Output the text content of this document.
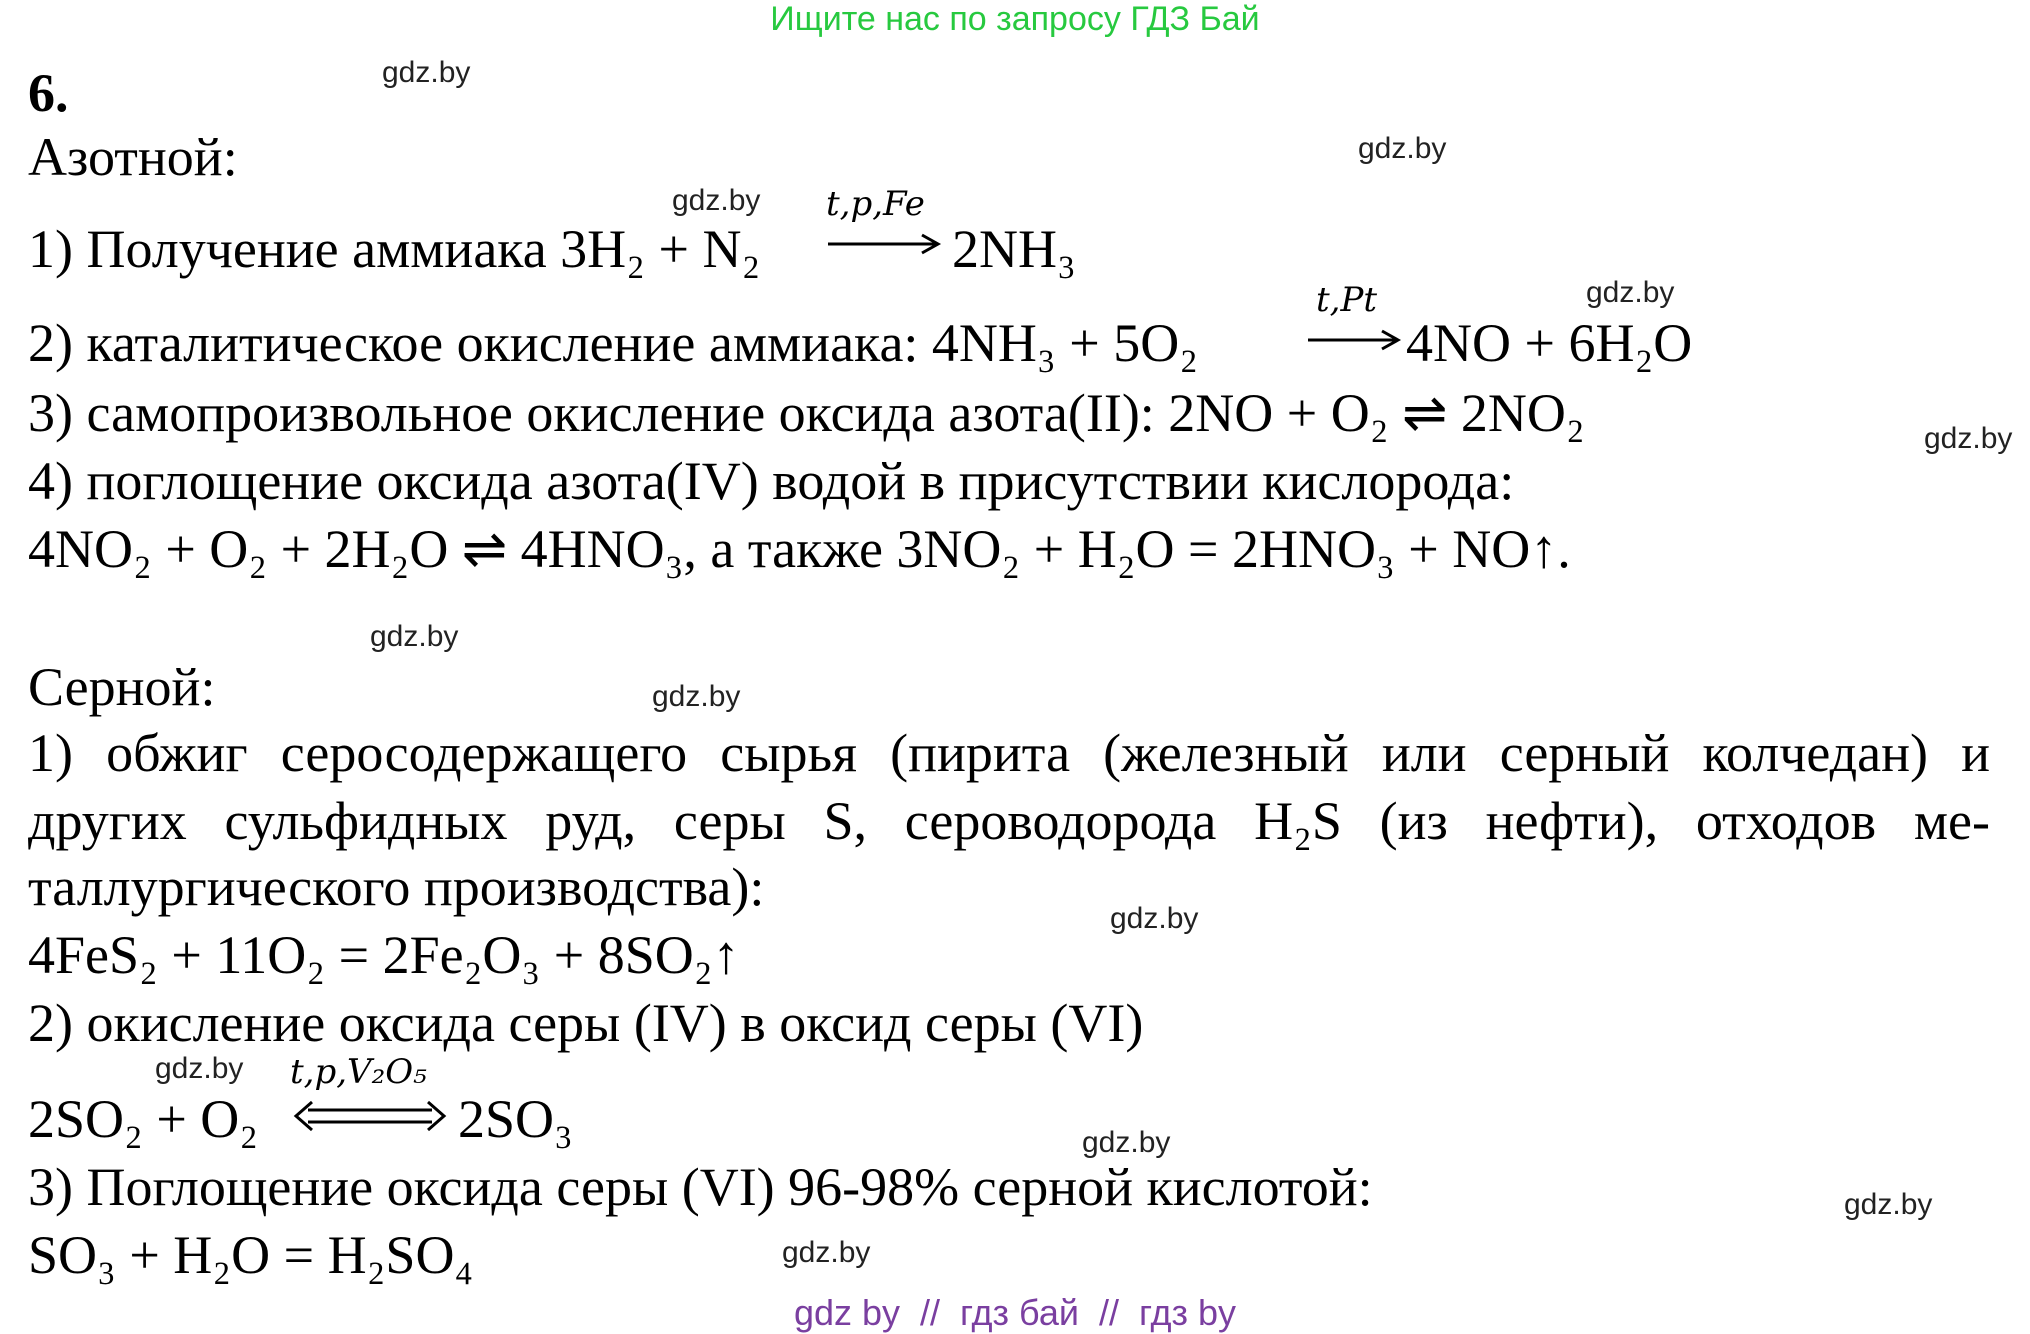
Ищите нас по запросу ГДЗ Бай
gdz.by
gdz.by
gdz.by
gdz.by
gdz.by
gdz.by
gdz.by
gdz.by
gdz.by
gdz.by
gdz.by
gdz.by
6.
Азотной:
1) Получение аммиака 3H₂ + N₂
t,p,Fe
2NH₃
2) каталитическое окисление аммиака: 4NH₃ + 5O₂
t,Pt
4NO + 6H₂O
3) самопроизвольное окисление оксида азота(II): 2NO + O₂ ⇌ 2NO₂
4) поглощение оксида азота(IV) водой в присутствии кислорода:
4NO₂ + O₂ + 2H₂O ⇌ 4HNO₃, а также 3NO₂ + H₂O = 2HNO₃ + NO↑.
Серной:
1) обжиг серосодержащего сырья (пирита (железный или серный колчедан) и
других сульфидных руд, серы S, сероводорода H₂S (из нефти), отходов ме-
таллургического производства):
4FeS₂ + 11O₂ = 2Fe₂O₃ + 8SO₂↑
2) окисление оксида серы (IV) в оксид серы (VI)
2SO₂ + O₂
t,p,V₂O₅
2SO₃
3) Поглощение оксида серы (VI) 96-98% серной кислотой:
SO₃ + H₂O = H₂SO₄
gdz by  //  гдз бай  //  гдз by
